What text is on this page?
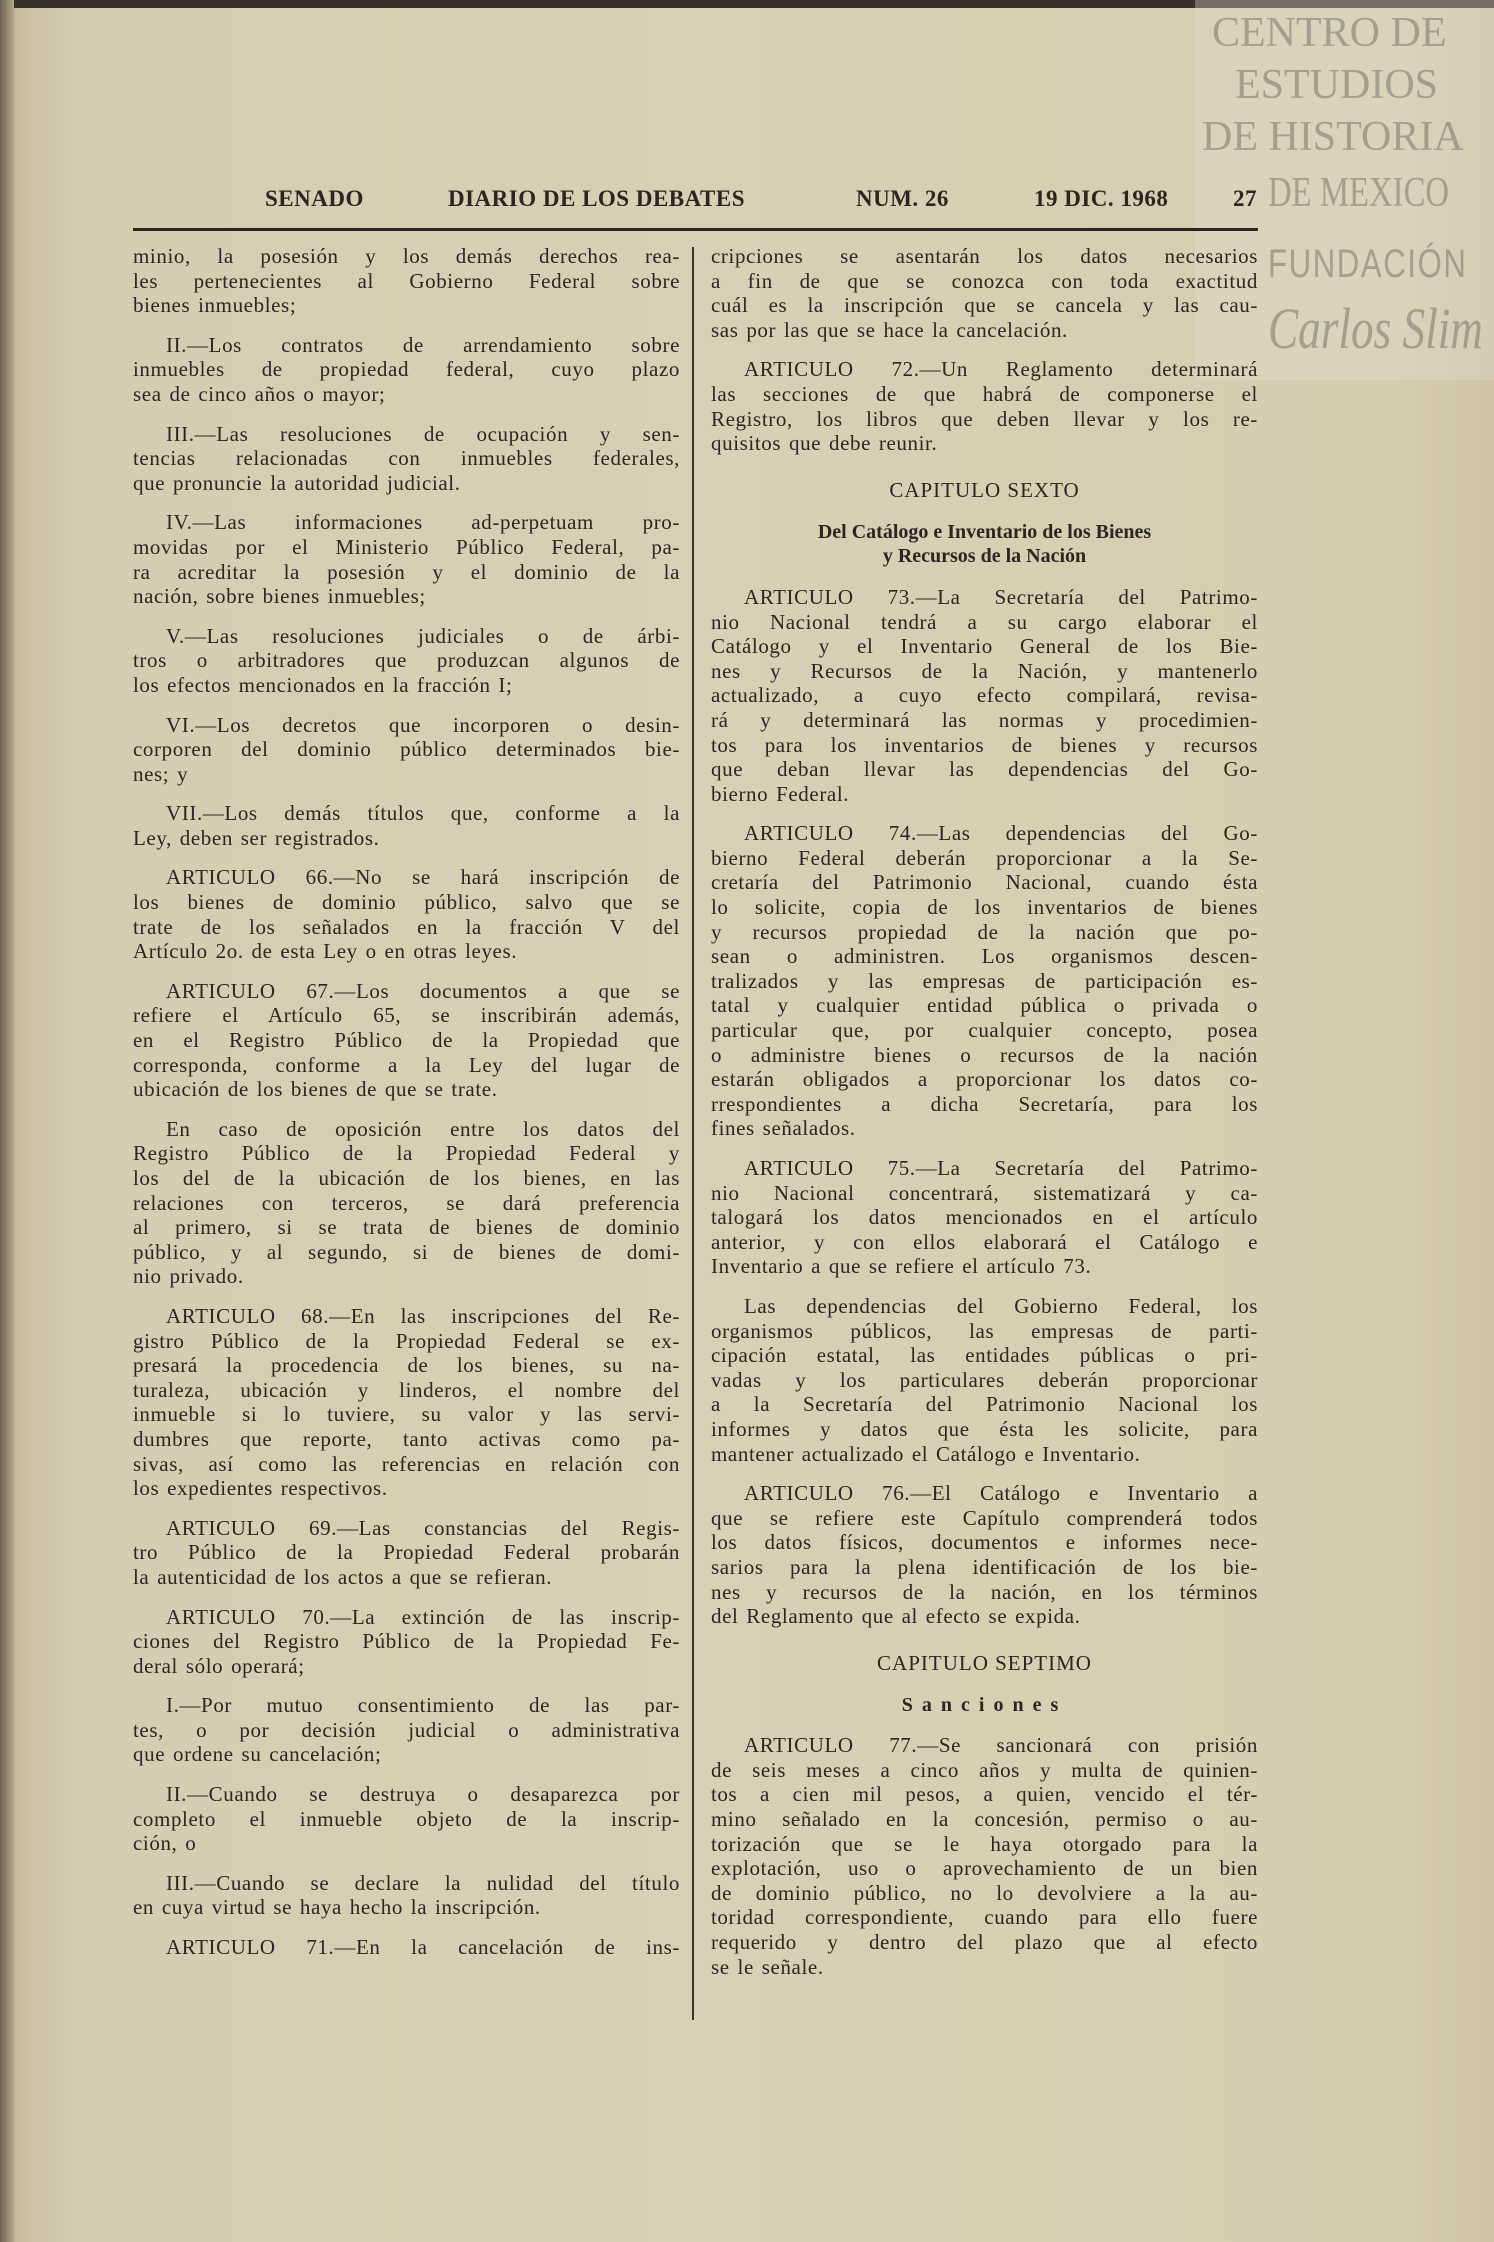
CENTRO DE
ESTUDIOS
DE HISTORIA
DE MEXICO
FUNDACIÓN
Carlos Slim
SENADO	DIARIO DE LOS DEBATES	NUM. 26	19 DIC. 1968	27
minio, la posesión y los demás derechos rea-
les pertenecientes al Gobierno Federal sobre
bienes inmuebles;
II.—Los contratos de arrendamiento sobre
inmuebles de propiedad federal, cuyo plazo
sea de cinco años o mayor;
III.—Las resoluciones de ocupación y sen-
tencias relacionadas con inmuebles federales,
que pronuncie la autoridad judicial.
IV.—Las informaciones ad-perpetuam pro-
movidas por el Ministerio Público Federal, pa-
ra acreditar la posesión y el dominio de la
nación, sobre bienes inmuebles;
V.—Las resoluciones judiciales o de árbi-
tros o arbitradores que produzcan algunos de
los efectos mencionados en la fracción I;
VI.—Los decretos que incorporen o desin-
corporen del dominio público determinados bie-
nes; y
VII.—Los demás títulos que, conforme a la
Ley, deben ser registrados.
ARTICULO 66.—No se hará inscripción de
los bienes de dominio público, salvo que se
trate de los señalados en la fracción V del
Artículo 2o. de esta Ley o en otras leyes.
ARTICULO 67.—Los documentos a que se
refiere el Artículo 65, se inscribirán además,
en el Registro Público de la Propiedad que
corresponda, conforme a la Ley del lugar de
ubicación de los bienes de que se trate.
En caso de oposición entre los datos del
Registro Público de la Propiedad Federal y
los del de la ubicación de los bienes, en las
relaciones con terceros, se dará preferencia
al primero, si se trata de bienes de dominio
público, y al segundo, si de bienes de domi-
nio privado.
ARTICULO 68.—En las inscripciones del Re-
gistro Público de la Propiedad Federal se ex-
presará la procedencia de los bienes, su na-
turaleza, ubicación y linderos, el nombre del
inmueble si lo tuviere, su valor y las servi-
dumbres que reporte, tanto activas como pa-
sivas, así como las referencias en relación con
los expedientes respectivos.
ARTICULO 69.—Las constancias del Regis-
tro Público de la Propiedad Federal probarán
la autenticidad de los actos a que se refieran.
ARTICULO 70.—La extinción de las inscrip-
ciones del Registro Público de la Propiedad Fe-
deral sólo operará;
I.—Por mutuo consentimiento de las par-
tes, o por decisión judicial o administrativa
que ordene su cancelación;
II.—Cuando se destruya o desaparezca por
completo el inmueble objeto de la inscrip-
ción, o
III.—Cuando se declare la nulidad del título
en cuya virtud se haya hecho la inscripción.
ARTICULO 71.—En la cancelación de ins-
cripciones se asentarán los datos necesarios
a fin de que se conozca con toda exactitud
cuál es la inscripción que se cancela y las cau-
sas por las que se hace la cancelación.
ARTICULO 72.—Un Reglamento determinará
las secciones de que habrá de componerse el
Registro, los libros que deben llevar y los re-
quisitos que debe reunir.
CAPITULO SEXTO
Del Catálogo e Inventario de los Bienes
y Recursos de la Nación
ARTICULO 73.—La Secretaría del Patrimo-
nio Nacional tendrá a su cargo elaborar el
Catálogo y el Inventario General de los Bie-
nes y Recursos de la Nación, y mantenerlo
actualizado, a cuyo efecto compilará, revisa-
rá y determinará las normas y procedimien-
tos para los inventarios de bienes y recursos
que deban llevar las dependencias del Go-
bierno Federal.
ARTICULO 74.—Las dependencias del Go-
bierno Federal deberán proporcionar a la Se-
cretaría del Patrimonio Nacional, cuando ésta
lo solicite, copia de los inventarios de bienes
y recursos propiedad de la nación que po-
sean o administren. Los organismos descen-
tralizados y las empresas de participación es-
tatal y cualquier entidad pública o privada o
particular que, por cualquier concepto, posea
o administre bienes o recursos de la nación
estarán obligados a proporcionar los datos co-
rrespondientes a dicha Secretaría, para los
fines señalados.
ARTICULO 75.—La Secretaría del Patrimo-
nio Nacional concentrará, sistematizará y ca-
talogará los datos mencionados en el artículo
anterior, y con ellos elaborará el Catálogo e
Inventario a que se refiere el artículo 73.
Las dependencias del Gobierno Federal, los
organismos públicos, las empresas de parti-
cipación estatal, las entidades públicas o pri-
vadas y los particulares deberán proporcionar
a la Secretaría del Patrimonio Nacional los
informes y datos que ésta les solicite, para
mantener actualizado el Catálogo e Inventario.
ARTICULO 76.—El Catálogo e Inventario a
que se refiere este Capítulo comprenderá todos
los datos físicos, documentos e informes nece-
sarios para la plena identificación de los bie-
nes y recursos de la nación, en los términos
del Reglamento que al efecto se expida.
CAPITULO SEPTIMO
Sanciones
ARTICULO 77.—Se sancionará con prisión
de seis meses a cinco años y multa de quinien-
tos a cien mil pesos, a quien, vencido el tér-
mino señalado en la concesión, permiso o au-
torización que se le haya otorgado para la
explotación, uso o aprovechamiento de un bien
de dominio público, no lo devolviere a la au-
toridad correspondiente, cuando para ello fuere
requerido y dentro del plazo que al efecto
se le señale.
